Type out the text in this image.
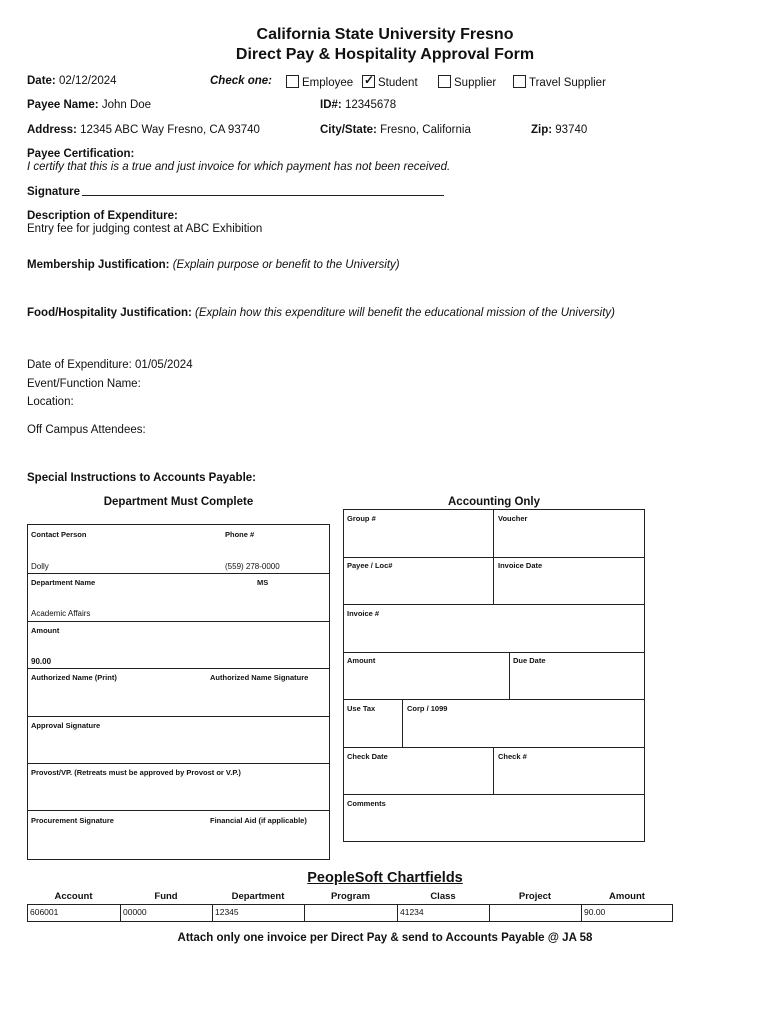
California State University Fresno
Direct Pay & Hospitality Approval Form
Date: 02/12/2024	Check one:	Employee
✓	Student	Supplier	Travel Supplier
Payee Name: John Doe	ID#: 12345678
Address: 12345 ABC Way Fresno, CA 93740	City/State: Fresno, California	Zip: 93740
Payee Certification:
I certify that this is a true and just invoice for which payment has not been received.
Signature
Description of Expenditure:
Entry fee for judging contest at ABC Exhibition
Membership Justification: (Explain purpose or benefit to the University)
Food/Hospitality Justification: (Explain how this expenditure will benefit the educational mission of the University)
Date of Expenditure: 01/05/2024
Event/Function Name:
Location:
Off Campus Attendees:
Special Instructions to Accounts Payable:
Department Must Complete
Contact Person	Phone #
Dolly	(559) 278-0000
Department Name	MS
Academic Affairs
Amount
90.00
Authorized Name (Print)	Authorized Name Signature
Approval Signature
Provost/VP. (Retreats must be approved by Provost or V.P.)
Procurement Signature	Financial Aid (if applicable)
Accounting Only
Group #	Voucher
Payee / Loc#	Invoice Date
Invoice #
Amount	Due Date
Use Tax	Corp / 1099
Check Date	Check #
Comments
PeopleSoft Chartfields
Account	Fund	Department	Program	Class	Project	Amount
606001	00000	12345	41234	90.00
Attach only one invoice per Direct Pay & send to Accounts Payable @ JA 58
